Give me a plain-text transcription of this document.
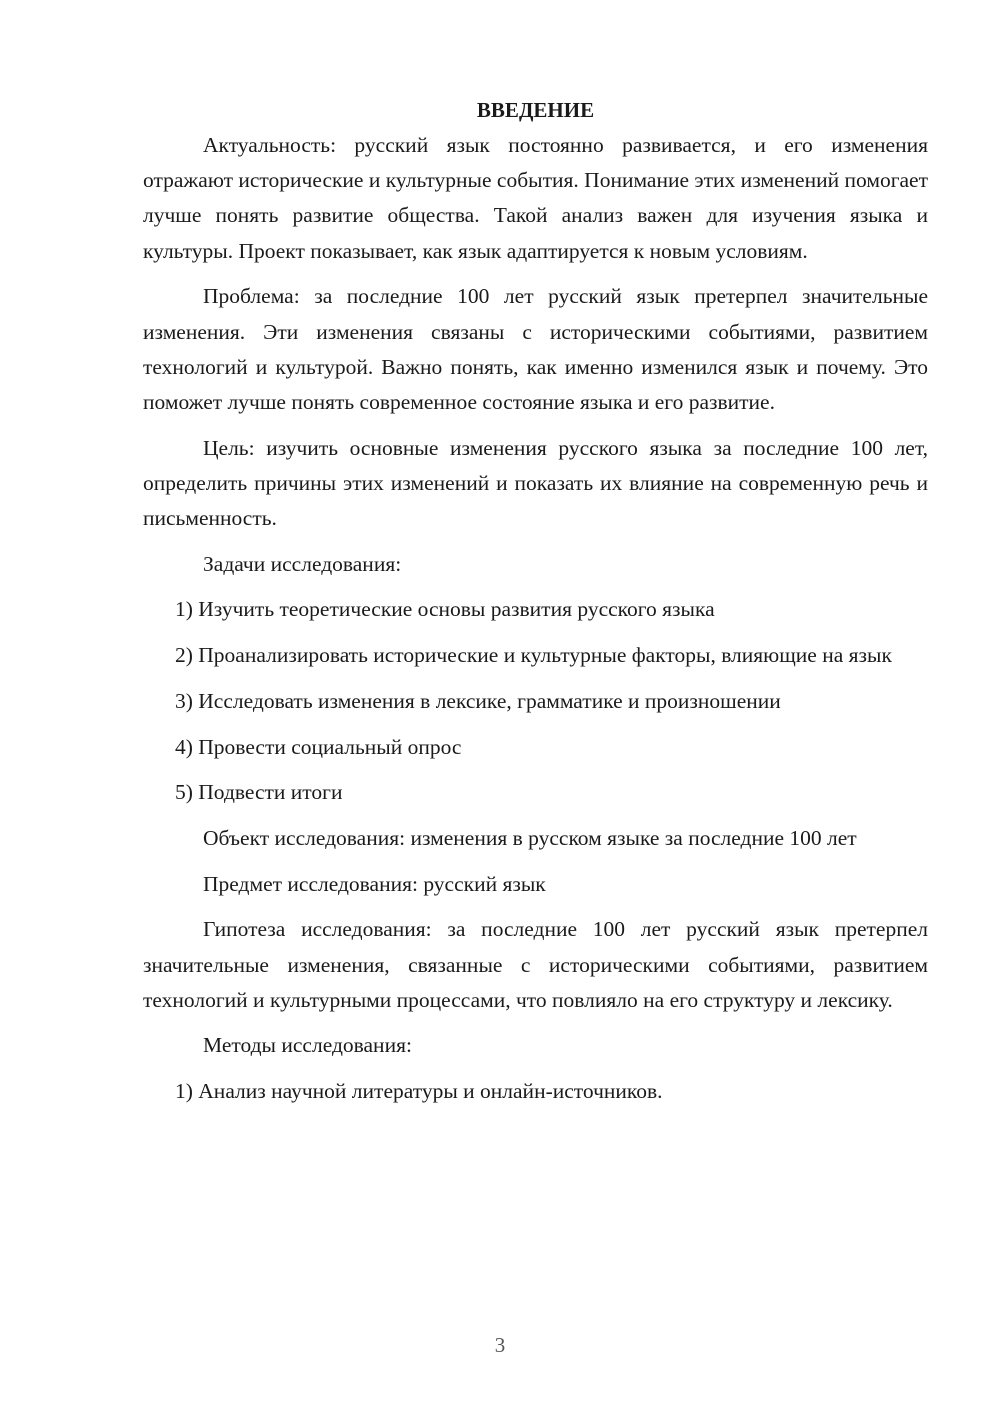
ВВЕДЕНИЕ

Актуальность: русский язык постоянно развивается, и его изменения отражают исторические и культурные события. Понимание этих изменений помогает лучше понять развитие общества. Такой анализ важен для изучения языка и культуры. Проект показывает, как язык адаптируется к новым условиям.

Проблема: за последние 100 лет русский язык претерпел значительные изменения. Эти изменения связаны с историческими событиями, развитием технологий и культурой. Важно понять, как именно изменился язык и почему. Это поможет лучше понять современное состояние языка и его развитие.

Цель: изучить основные изменения русского языка за последние 100 лет, определить причины этих изменений и показать их влияние на современную речь и письменность.

Задачи исследования:

1) Изучить теоретические основы развития русского языка

2) Проанализировать исторические и культурные факторы, влияющие на язык

3) Исследовать изменения в лексике, грамматике и произношении

4) Провести социальный опрос

5) Подвести итоги

Объект исследования: изменения в русском языке за последние 100 лет

Предмет исследования: русский язык

Гипотеза исследования: за последние 100 лет русский язык претерпел значительные изменения, связанные с историческими событиями, развитием технологий и культурными процессами, что повлияло на его структуру и лексику.

Методы исследования:

1) Анализ научной литературы и онлайн-источников.

3
